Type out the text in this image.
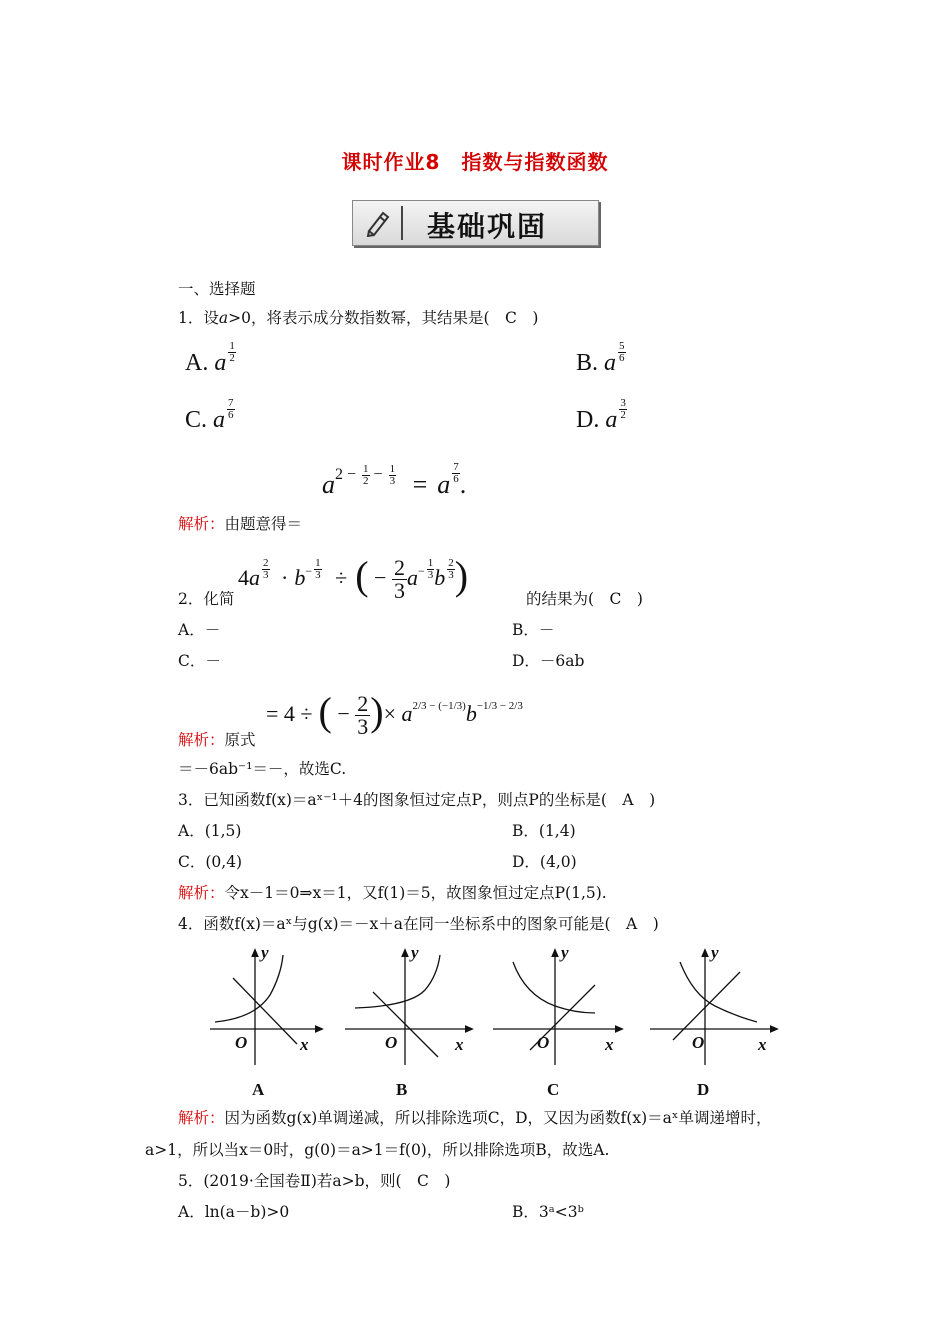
课时作业8　指数与指数函数
基础巩固
一、选择题
1．设a>0，将表示成分数指数幂，其结果是(　C　)
A. a $\frac{1}{2}$	B. a $\frac{5}{6}$
C. a $\frac{7}{6}$	D. a $\frac{3}{2}$
$a^{2 - \frac{1}{2} - \frac{1}{3}} = a \frac{7}{6}$ .
解析：由题意得＝
$4a \frac{2}{3} \cdot b^- \frac{1}{3}$ ÷ ( − $\frac{2}{3} a^- \frac{1}{3}$ b $\frac{2}{3}$ )
2．化简	的结果为(　C　)
A．－	B．－
C．－	D．－6ab
= 4 ÷ ( − $\frac{2}{3}$ )× $a^{2/3 - (-1/3)}b^{-1/3 - 2/3}$
解析：原式
＝－6ab⁻¹＝－，故选C.
3．已知函数f(x)＝aˣ⁻¹＋4的图象恒过定点P，则点P的坐标是(　A　)
A．(1,5)	B．(1,4)
C．(0,4)	D．(4,0)
解析：令x－1＝0⇒x＝1，又f(1)＝5，故图象恒过定点P(1,5).
4．函数f(x)＝aˣ与g(x)＝－x＋a在同一坐标系中的图象可能是(　A　)
y
x
O
y
x
O
y
x
O
y
x
O
A	B	C	D
解析：因为函数g(x)单调递减，所以排除选项C，D，又因为函数f(x)＝aˣ单调递增时，
a>1，所以当x＝0时，g(0)＝a>1＝f(0)，所以排除选项B，故选A.
5．(2019·全国卷Ⅱ)若a>b，则(　C　)
A．ln(a－b)>0	B．3ᵃ<3ᵇ
